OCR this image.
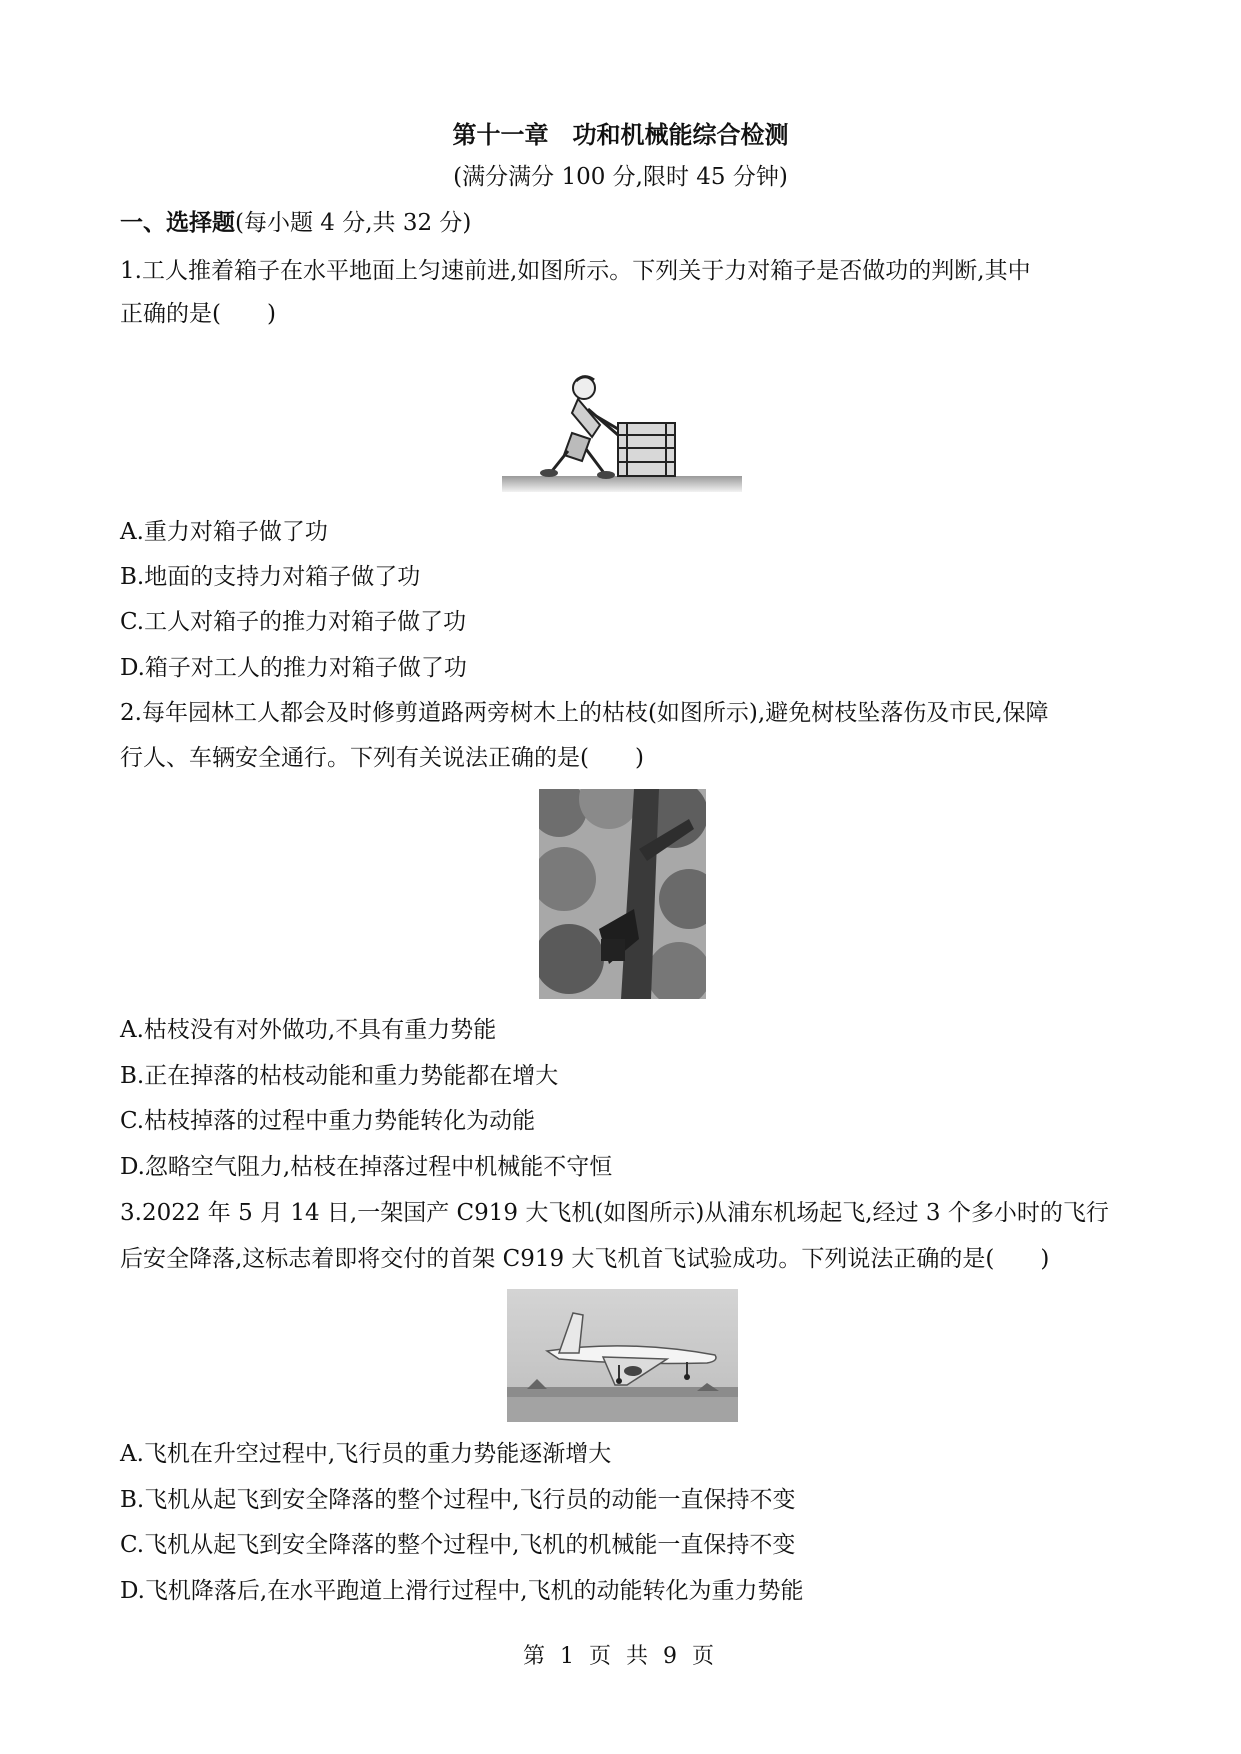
第十一章　功和机械能综合检测
(满分满分 100 分,限时 45 分钟)
一、选择题(每小题 4 分,共 32 分)
1.工人推着箱子在水平地面上匀速前进,如图所示。下列关于力对箱子是否做功的判断,其中
正确的是(　　)
A.重力对箱子做了功
B.地面的支持力对箱子做了功
C.工人对箱子的推力对箱子做了功
D.箱子对工人的推力对箱子做了功
2.每年园林工人都会及时修剪道路两旁树木上的枯枝(如图所示),避免树枝坠落伤及市民,保障
行人、车辆安全通行。下列有关说法正确的是(　　)
A.枯枝没有对外做功,不具有重力势能
B.正在掉落的枯枝动能和重力势能都在增大
C.枯枝掉落的过程中重力势能转化为动能
D.忽略空气阻力,枯枝在掉落过程中机械能不守恒
3.2022 年 5 月 14 日,一架国产 C919 大飞机(如图所示)从浦东机场起飞,经过 3 个多小时的飞行
后安全降落,这标志着即将交付的首架 C919 大飞机首飞试验成功。下列说法正确的是(　　)
A.飞机在升空过程中,飞行员的重力势能逐渐增大
B.飞机从起飞到安全降落的整个过程中,飞行员的动能一直保持不变
C.飞机从起飞到安全降落的整个过程中,飞机的机械能一直保持不变
D.飞机降落后,在水平跑道上滑行过程中,飞机的动能转化为重力势能
第 1 页 共 9 页
